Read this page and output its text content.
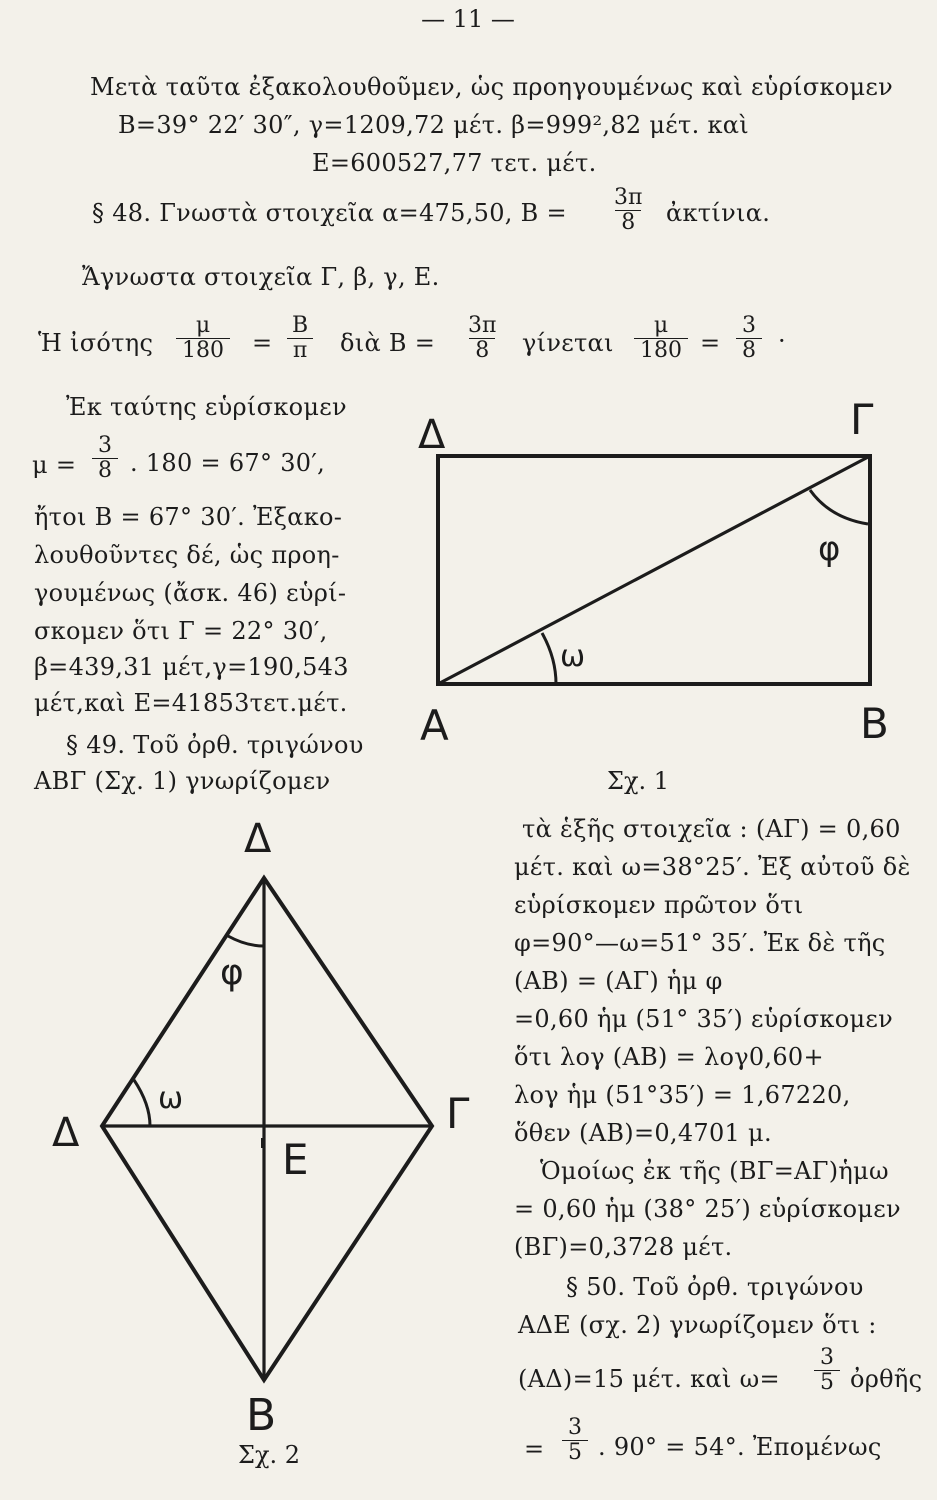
— 11 —
Μετὰ ταῦτα ἐξακολουθοῦμεν, ὡς προηγουμένως καὶ εὑρίσκομεν
B=39° 22′ 30″, γ=1209,72 μέτ. β=999²,82 μέτ. καὶ
E=600527,77 τετ. μέτ.
§ 48. Γνωστὰ στοιχεῖα α=475,50, $B = \frac{3\pi}{8}$ ἀκτίνια.
Ἄγνωστα στοιχεῖα Γ, β, γ, E.
Ἡ ἰσότης $\frac{\mu}{180} = \frac{B}{\pi}$ διὰ $B = \frac{3\pi}{8}$ γίνεται $\frac{\mu}{180} = \frac{3}{8}$ ·
Ἐκ ταύτης εὑρίσκομεν
$\mu = \frac{3}{8}$ . 180 = 67° 30′,
ἤτοι B = 67° 30′. Ἐξακο-
λουθοῦντες δέ, ὡς προη-
γουμένως (ἄσκ. 46) εὑρί-
σκομεν ὅτι Γ = 22° 30′,
β=439,31 μέτ,γ=190,543
μέτ,καὶ E=41853τετ.μέτ.
§ 49. Τοῦ ὀρθ. τριγώνου
ΑΒΓ (Σχ. 1) γνωρίζομεν
Δ	Γ
A	B
φ
ω
Σχ. 1
τὰ ἑξῆς στοιχεῖα : (ΑΓ) = 0,60
μέτ. καὶ ω=38°25′. Ἐξ αὐτοῦ δὲ
εὑρίσκομεν πρῶτον ὅτι
φ=90°—ω=51° 35′. Ἐκ δὲ τῆς
(AB) = (ΑΓ) ἡμ φ
=0,60 ἡμ (51° 35′) εὑρίσκομεν
ὅτι λογ (AB) = λογ0,60+
λογ ἡμ (51°35′) = 1,67220,
ὅθεν (AB)=0,4701 μ.
Ὁμοίως ἐκ τῆς (ΒΓ=ΑΓ)ἡμω
= 0,60 ἡμ (38° 25′) εὑρίσκομεν
(ΒΓ)=0,3728 μέτ.
§ 50. Τοῦ ὀρθ. τριγώνου
ΑΔΕ (σχ. 2) γνωρίζομεν ὅτι :
(ΑΔ)=15 μέτ. καὶ $\omega= \frac{3}{5}$ ὀρθῆς
= $\frac{3}{5}$ . 90° = 54°. Ἐπομένως
Δ
Δ	Γ
E
B
φ
ω
Σχ. 2
